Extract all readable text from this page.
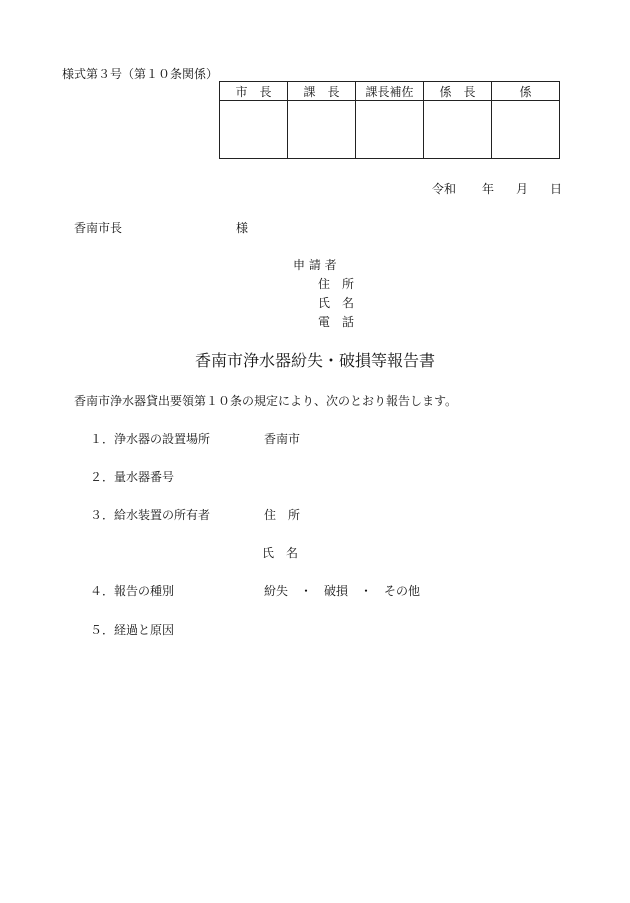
様式第３号（第１０条関係）
市　長	課　長	課長補佐	係　長	係

令和 年 月 日
香南市長	様
申 請 者
住　所
氏　名
電　話
香南市浄水器紛失・破損等報告書
香南市浄水器貸出要領第１０条の規定により、次のとおり報告します。
１． 浄水器の設置場所	香南市
２． 量水器番号
３． 給水装置の所有者	住　所
氏　名
４． 報告の種別	紛失　・　破損　・　その他
５． 経過と原因
